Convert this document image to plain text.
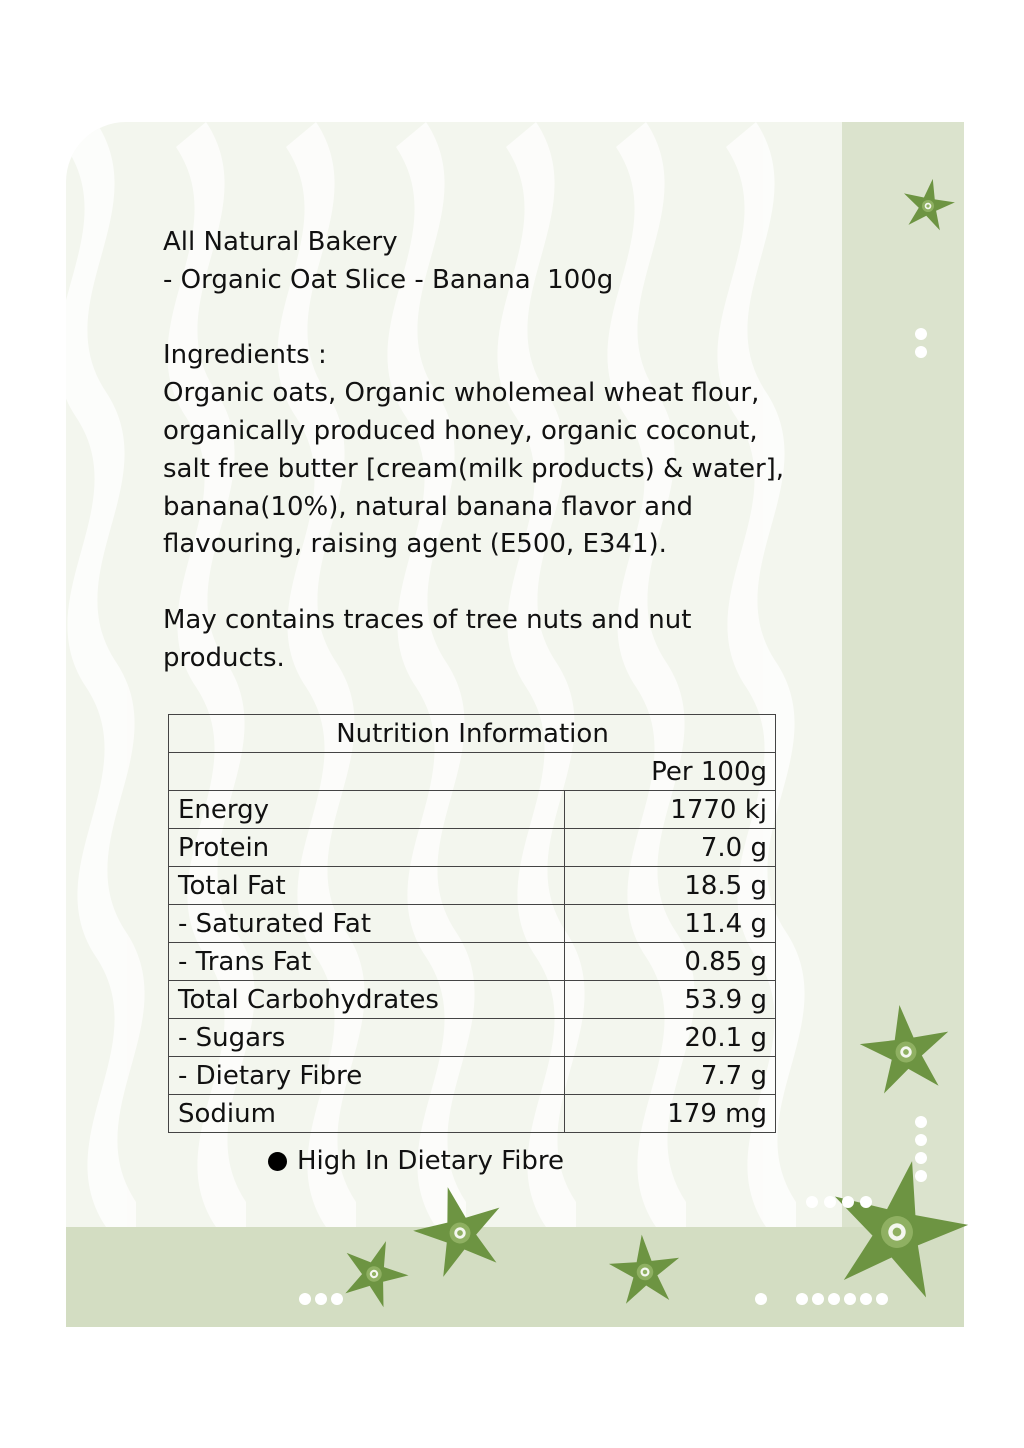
All Natural Bakery

- Organic Oat Slice - Banana  100g

Ingredients :

Organic oats, Organic wholemeal wheat flour,

organically produced honey, organic coconut,

salt free butter [cream(milk products) & water],

banana(10%), natural banana flavor and

flavouring, raising agent (E500, E341).

May contains traces of tree nuts and nut

products.

Nutrition Information	
Per 100g	
Energy	1770 kj
Protein	7.0 g
Total Fat	18.5 g
- Saturated Fat	11.4 g
- Trans Fat	0.85 g
Total Carbohydrates	53.9 g
- Sugars	20.1 g
- Dietary Fibre	7.7 g
Sodium	179 mg
High In Dietary Fibre
